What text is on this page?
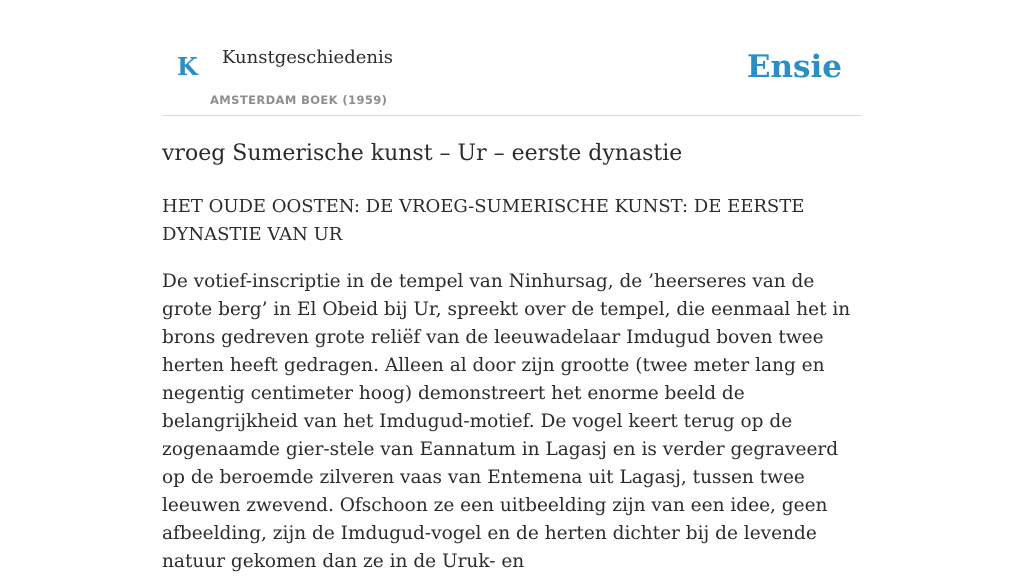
K Kunstgeschiedenis
AMSTERDAM BOEK (1959)
Ensie
vroeg Sumerische kunst – Ur – eerste dynastie
HET OUDE OOSTEN: DE VROEG-SUMERISCHE KUNST: DE EERSTE DYNASTIE VAN UR

De votief-inscriptie in de tempel van Ninhursag, de ’heerseres van de grote berg’ in El Obeid bij Ur, spreekt over de tempel, die eenmaal het in brons gedreven grote reliëf van de leeuwadelaar Imdugud boven twee herten heeft gedragen. Alleen al door zijn grootte (twee meter lang en negentig centimeter hoog) demonstreert het enorme beeld de belangrijkheid van het Imdugud-motief. De vogel keert terug op de zogenaamde gier-stele van Eannatum in Lagasj en is verder gegraveerd op de beroemde zilveren vaas van Entemena uit Lagasj, tussen twee leeuwen zwevend. Ofschoon ze een uitbeelding zijn van een idee, geen afbeelding, zijn de Imdugud-vogel en de herten dichter bij de levende natuur gekomen dan ze in de Uruk- en
